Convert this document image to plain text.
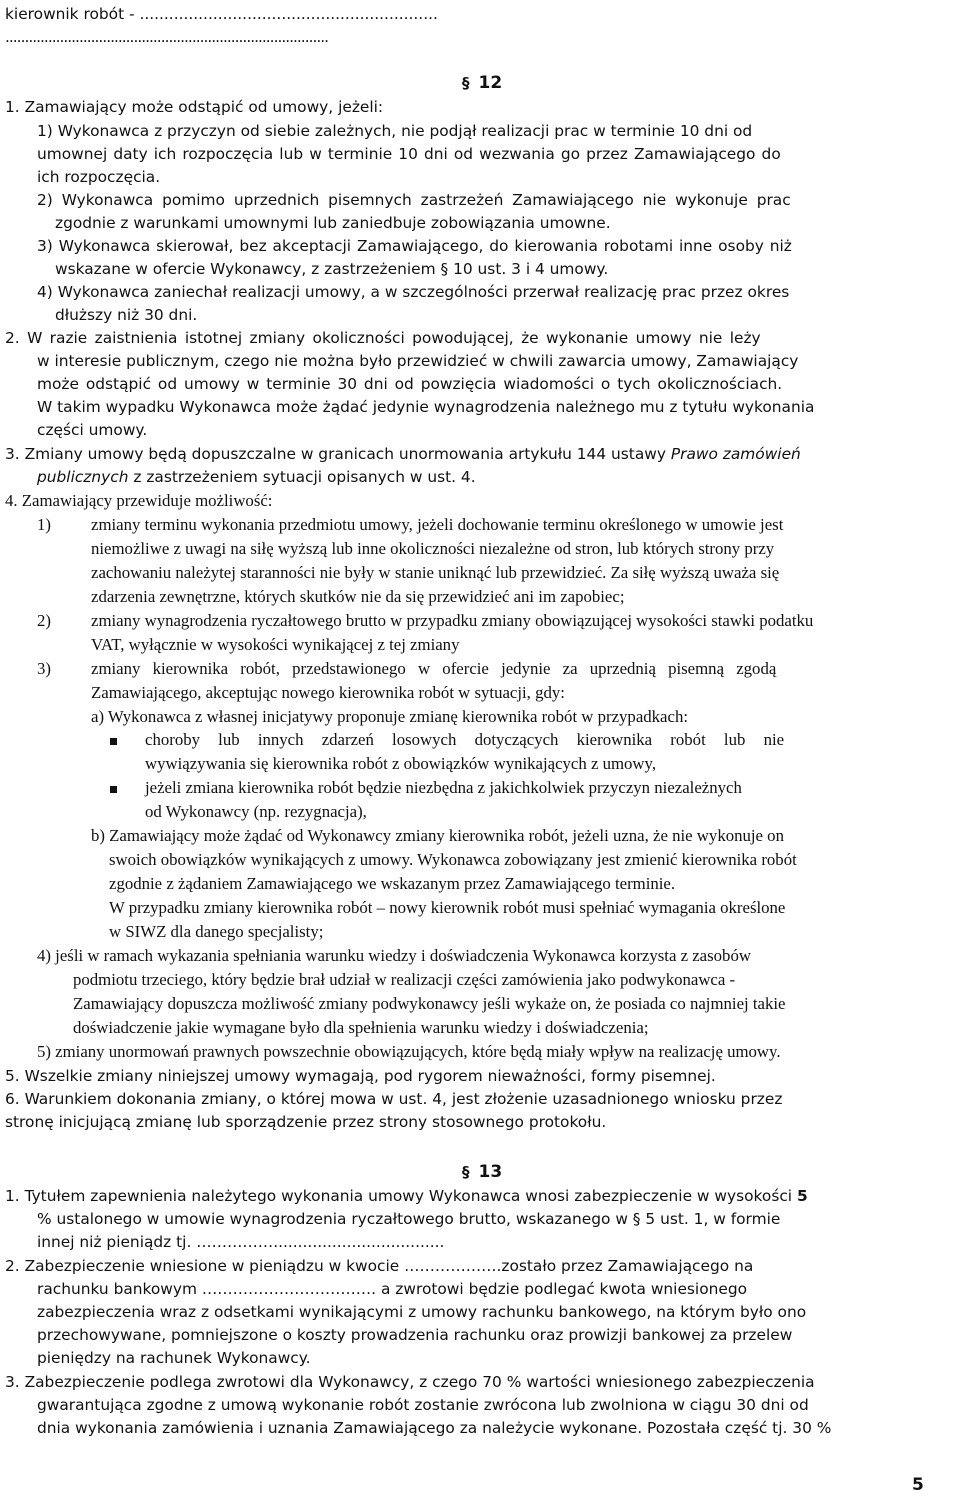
kierownik robót - .............................................................
...................................................................................
§ 12
1. Zamawiający może odstąpić od umowy, jeżeli:
1) Wykonawca z przyczyn od siebie zależnych, nie podjął realizacji prac w terminie 10 dni od
umownej daty ich rozpoczęcia lub w terminie 10 dni od wezwania go przez Zamawiającego do
ich rozpoczęcia.
2) Wykonawca pomimo uprzednich pisemnych zastrzeżeń Zamawiającego nie wykonuje prac
zgodnie z warunkami umownymi lub zaniedbuje zobowiązania umowne.
3) Wykonawca skierował, bez akceptacji Zamawiającego, do kierowania robotami inne osoby niż
wskazane w ofercie Wykonawcy, z zastrzeżeniem § 10 ust. 3 i 4 umowy.
4) Wykonawca zaniechał realizacji umowy, a w szczególności przerwał realizację prac przez okres
dłuższy niż 30 dni.
2. W razie zaistnienia istotnej zmiany okoliczności powodującej, że wykonanie umowy nie leży
w interesie publicznym, czego nie można było przewidzieć w chwili zawarcia umowy, Zamawiający
może odstąpić od umowy w terminie 30 dni od powzięcia wiadomości o tych okolicznościach.
W takim wypadku Wykonawca może żądać jedynie wynagrodzenia należnego mu z tytułu wykonania
części umowy.
3. Zmiany umowy będą dopuszczalne w granicach unormowania artykułu 144 ustawy Prawo zamówień
publicznych z zastrzeżeniem sytuacji opisanych w ust. 4.
4. Zamawiający przewiduje możliwość:
1) zmiany terminu wykonania przedmiotu umowy, jeżeli dochowanie terminu określonego w umowie jest
niemożliwe z uwagi na siłę wyższą lub inne okoliczności niezależne od stron, lub których strony przy
zachowaniu należytej staranności nie były w stanie uniknąć lub przewidzieć. Za siłę wyższą uważa się
zdarzenia zewnętrzne, których skutków nie da się przewidzieć ani im zapobiec;
2) zmiany wynagrodzenia ryczałtowego brutto w przypadku zmiany obowiązującej wysokości stawki podatku
VAT, wyłącznie w wysokości wynikającej z tej zmiany
3) zmiany kierownika robót, przedstawionego w ofercie jedynie za uprzednią pisemną zgodą
Zamawiającego, akceptując nowego kierownika robót w sytuacji, gdy:
a) Wykonawca z własnej inicjatywy proponuje zmianę kierownika robót w przypadkach:
choroby lub innych zdarzeń losowych dotyczących kierownika robót lub nie
wywiązywania się kierownika robót z obowiązków wynikających z umowy,
jeżeli zmiana kierownika robót będzie niezbędna z jakichkolwiek przyczyn niezależnych
od Wykonawcy (np. rezygnacja),
b) Zamawiający może żądać od Wykonawcy zmiany kierownika robót, jeżeli uzna, że nie wykonuje on
swoich obowiązków wynikających z umowy. Wykonawca zobowiązany jest zmienić kierownika robót
zgodnie z żądaniem Zamawiającego we wskazanym przez Zamawiającego terminie.
W przypadku zmiany kierownika robót – nowy kierownik robót musi spełniać wymagania określone
w SIWZ dla danego specjalisty;
4) jeśli w ramach wykazania spełniania warunku wiedzy i doświadczenia Wykonawca korzysta z zasobów
podmiotu trzeciego, który będzie brał udział w realizacji części zamówienia jako podwykonawca -
Zamawiający dopuszcza możliwość zmiany podwykonawcy jeśli wykaże on, że posiada co najmniej takie
doświadczenie jakie wymagane było dla spełnienia warunku wiedzy i doświadczenia;
5) zmiany unormowań prawnych powszechnie obowiązujących, które będą miały wpływ na realizację umowy.
5. Wszelkie zmiany niniejszej umowy wymagają, pod rygorem nieważności, formy pisemnej.
6. Warunkiem dokonania zmiany, o której mowa w ust. 4, jest złożenie uzasadnionego wniosku przez
stronę inicjującą zmianę lub sporządzenie przez strony stosownego protokołu.
§ 13
1. Tytułem zapewnienia należytego wykonania umowy Wykonawca wnosi zabezpieczenie w wysokości 5
% ustalonego w umowie wynagrodzenia ryczałtowego brutto, wskazanego w § 5 ust. 1, w formie
innej niż pieniądz tj. ……………...................................
2. Zabezpieczenie wniesione w pieniądzu w kwocie ……………….zostało przez Zamawiającego na
rachunku bankowym ……………………………. a zwrotowi będzie podlegać kwota wniesionego
zabezpieczenia wraz z odsetkami wynikającymi z umowy rachunku bankowego, na którym było ono
przechowywane, pomniejszone o koszty prowadzenia rachunku oraz prowizji bankowej za przelew
pieniędzy na rachunek Wykonawcy.
3. Zabezpieczenie podlega zwrotowi dla Wykonawcy, z czego 70 % wartości wniesionego zabezpieczenia
gwarantująca zgodne z umową wykonanie robót zostanie zwrócona lub zwolniona w ciągu 30 dni od
dnia wykonania zamówienia i uznania Zamawiającego za należycie wykonane. Pozostała część tj. 30 %
5
